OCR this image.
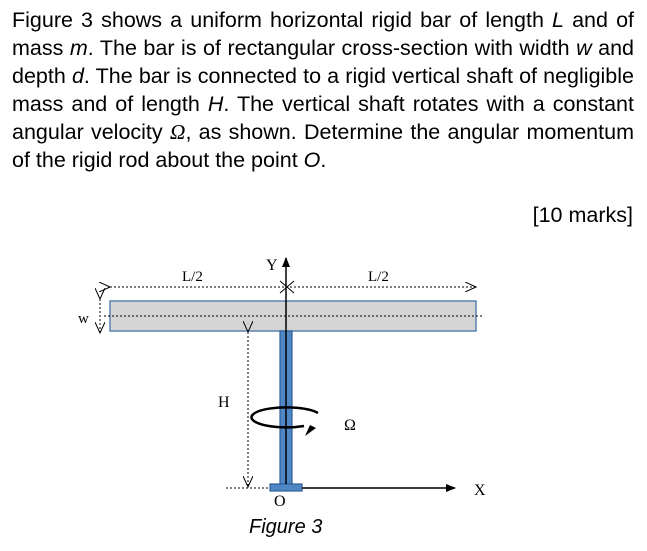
Figure 3 shows a uniform horizontal rigid bar of length L and of mass m. The bar is of rectangular cross-section with width w and depth d. The bar is connected to a rigid vertical shaft of negligible mass and of length H. The vertical shaft rotates with a constant angular velocity Ω, as shown. Determine the angular momentum of the rigid rod about the point O.
[10 marks]
L/2	L/2
w
Y
X
H
Ω
O
Figure 3
